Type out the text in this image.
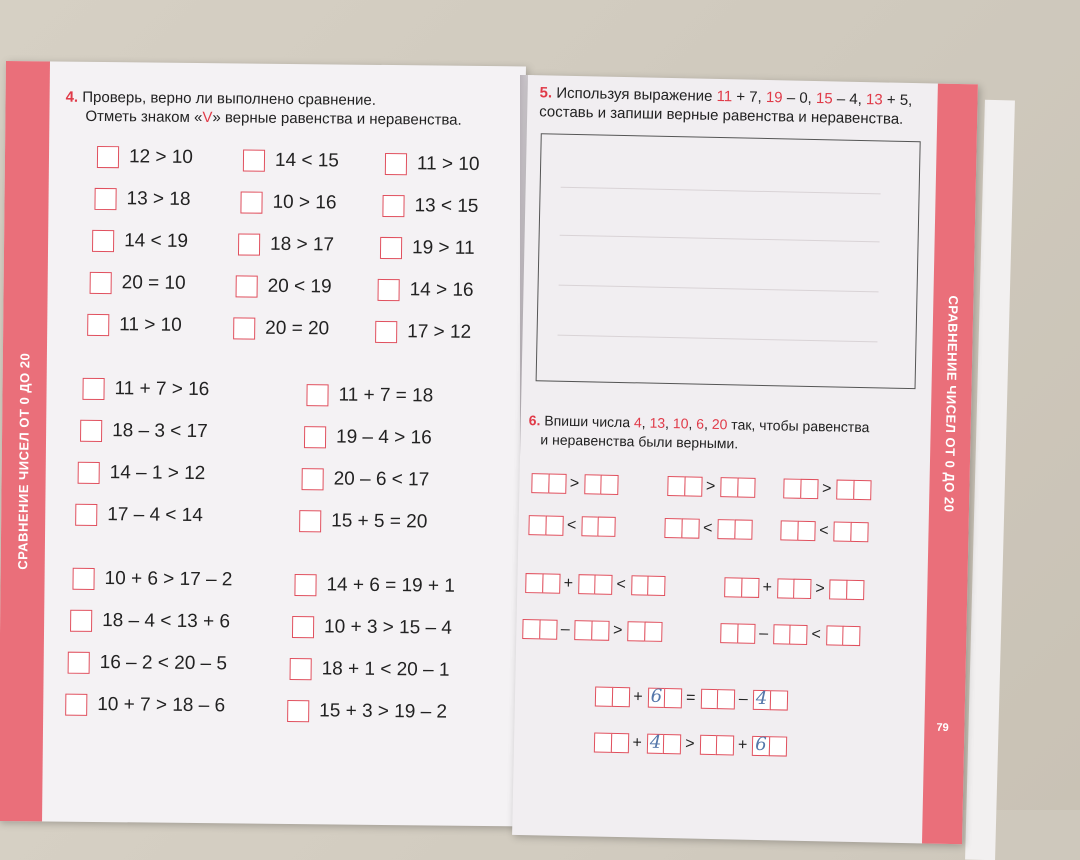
СРАВНЕНИЕ ЧИСЕЛ ОТ 0 ДО 20
4. Проверь, верно ли выполнено сравнение.
Отметь знаком «V» верные равенства и неравенства.
12 > 10	14 < 15	11 > 10
13 > 18	10 > 16	13 < 15
14 < 19	18 > 17	19 > 11
20 = 10	20 < 19	14 > 16
11 > 10	20 = 20	17 > 12
11 + 7 > 16	11 + 7 = 18
18 – 3 < 17	19 – 4 > 16
14 – 1 > 12	20 – 6 < 17
17 – 4 < 14	15 + 5 = 20
10 + 6 > 17 – 2	14 + 6 = 19 + 1
18 – 4 < 13 + 6	10 + 3 > 15 – 4
16 – 2 < 20 – 5	18 + 1 < 20 – 1
10 + 7 > 18 – 6	15 + 3 > 19 – 2
СРАВНЕНИЕ ЧИСЕЛ ОТ 0 ДО 20
79
5. Используя выражение 11 + 7, 19 – 0, 15 – 4, 13 + 5,
составь и запиши верные равенства и неравенства.
6. Впиши числа 4, 13, 10, 6, 20 так, чтобы равенства
и неравенства были верными.
>	>	>
<	<	<
+	<	+	>
–	>	–	<
+ 6 =	– 4
+ 4 >	+ 6
